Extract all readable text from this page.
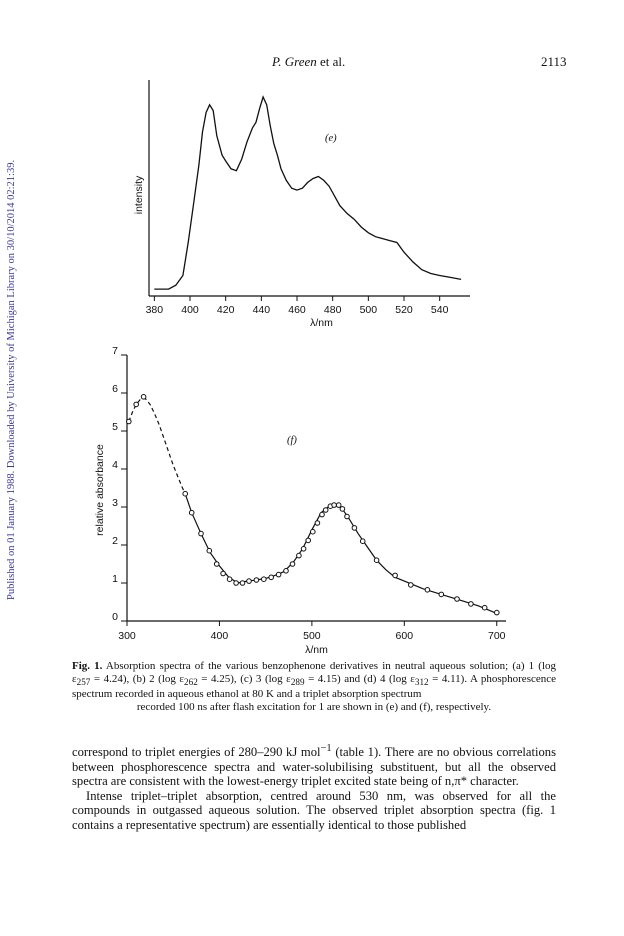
P. Green et al.	2113
Published on 01 January 1988. Downloaded by University of Michigan Library on 30/10/2014 02:21:39.	380 400 420 440 460 480 500 520 540
λ/nm
intensity
(e)
0
1
2
3
4
5
6
7
300	400	500	600	700
λ/nm
relative absorbance
(f)
Fig. 1. Absorption spectra of the various benzophenone derivatives in neutral aqueous solution; (a) 1 (log $\varepsilon_{257} = 4.24$), (b) 2 (log $\varepsilon_{262} = 4.25$), (c) 3 (log $\varepsilon_{289} = 4.15$) and (d) 4 (log $\varepsilon_{312} = 4.11$). A phosphorescence spectrum recorded in aqueous ethanol at 80 K and a triplet absorption spectrum
recorded 100 ns after flash excitation for 1 are shown in (e) and (f), respectively.

correspond to triplet energies of 280–290 kJ mol$^{-1}$ (table 1). There are no obvious correlations between phosphorescence spectra and water-solubilising substituent, but all the observed spectra are consistent with the lowest-energy triplet excited state being of n,π* character.

Intense triplet–triplet absorption, centred around 530 nm, was observed for all the compounds in outgassed aqueous solution. The observed triplet absorption spectra (fig. 1 contains a representative spectrum) are essentially identical to those published
